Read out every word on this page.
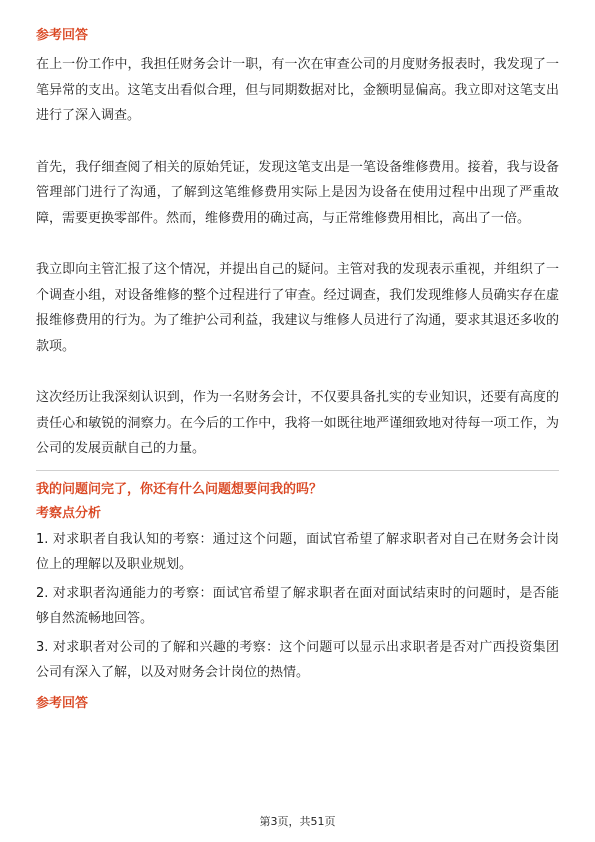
参考回答

在上一份工作中，我担任财务会计一职，有一次在审查公司的月度财务报表时，我发现了一笔异常的支出。这笔支出看似合理，但与同期数据对比，金额明显偏高。我立即对这笔支出进行了深入调查。

首先，我仔细查阅了相关的原始凭证，发现这笔支出是一笔设备维修费用。接着，我与设备管理部门进行了沟通，了解到这笔维修费用实际上是因为设备在使用过程中出现了严重故障，需要更换零部件。然而，维修费用的确过高，与正常维修费用相比，高出了一倍。

我立即向主管汇报了这个情况，并提出自己的疑问。主管对我的发现表示重视，并组织了一个调查小组，对设备维修的整个过程进行了审查。经过调查，我们发现维修人员确实存在虚报维修费用的行为。为了维护公司利益，我建议与维修人员进行了沟通，要求其退还多收的款项。

这次经历让我深刻认识到，作为一名财务会计，不仅要具备扎实的专业知识，还要有高度的责任心和敏锐的洞察力。在今后的工作中，我将一如既往地严谨细致地对待每一项工作，为公司的发展贡献自己的力量。

我的问题问完了，你还有什么问题想要问我的吗？
考察点分析

1. 对求职者自我认知的考察：通过这个问题，面试官希望了解求职者对自己在财务会计岗位上的理解以及职业规划。

2. 对求职者沟通能力的考察：面试官希望了解求职者在面对面试结束时的问题时，是否能够自然流畅地回答。

3. 对求职者对公司的了解和兴趣的考察：这个问题可以显示出求职者是否对广西投资集团公司有深入了解，以及对财务会计岗位的热情。

参考回答
第3页，共51页
